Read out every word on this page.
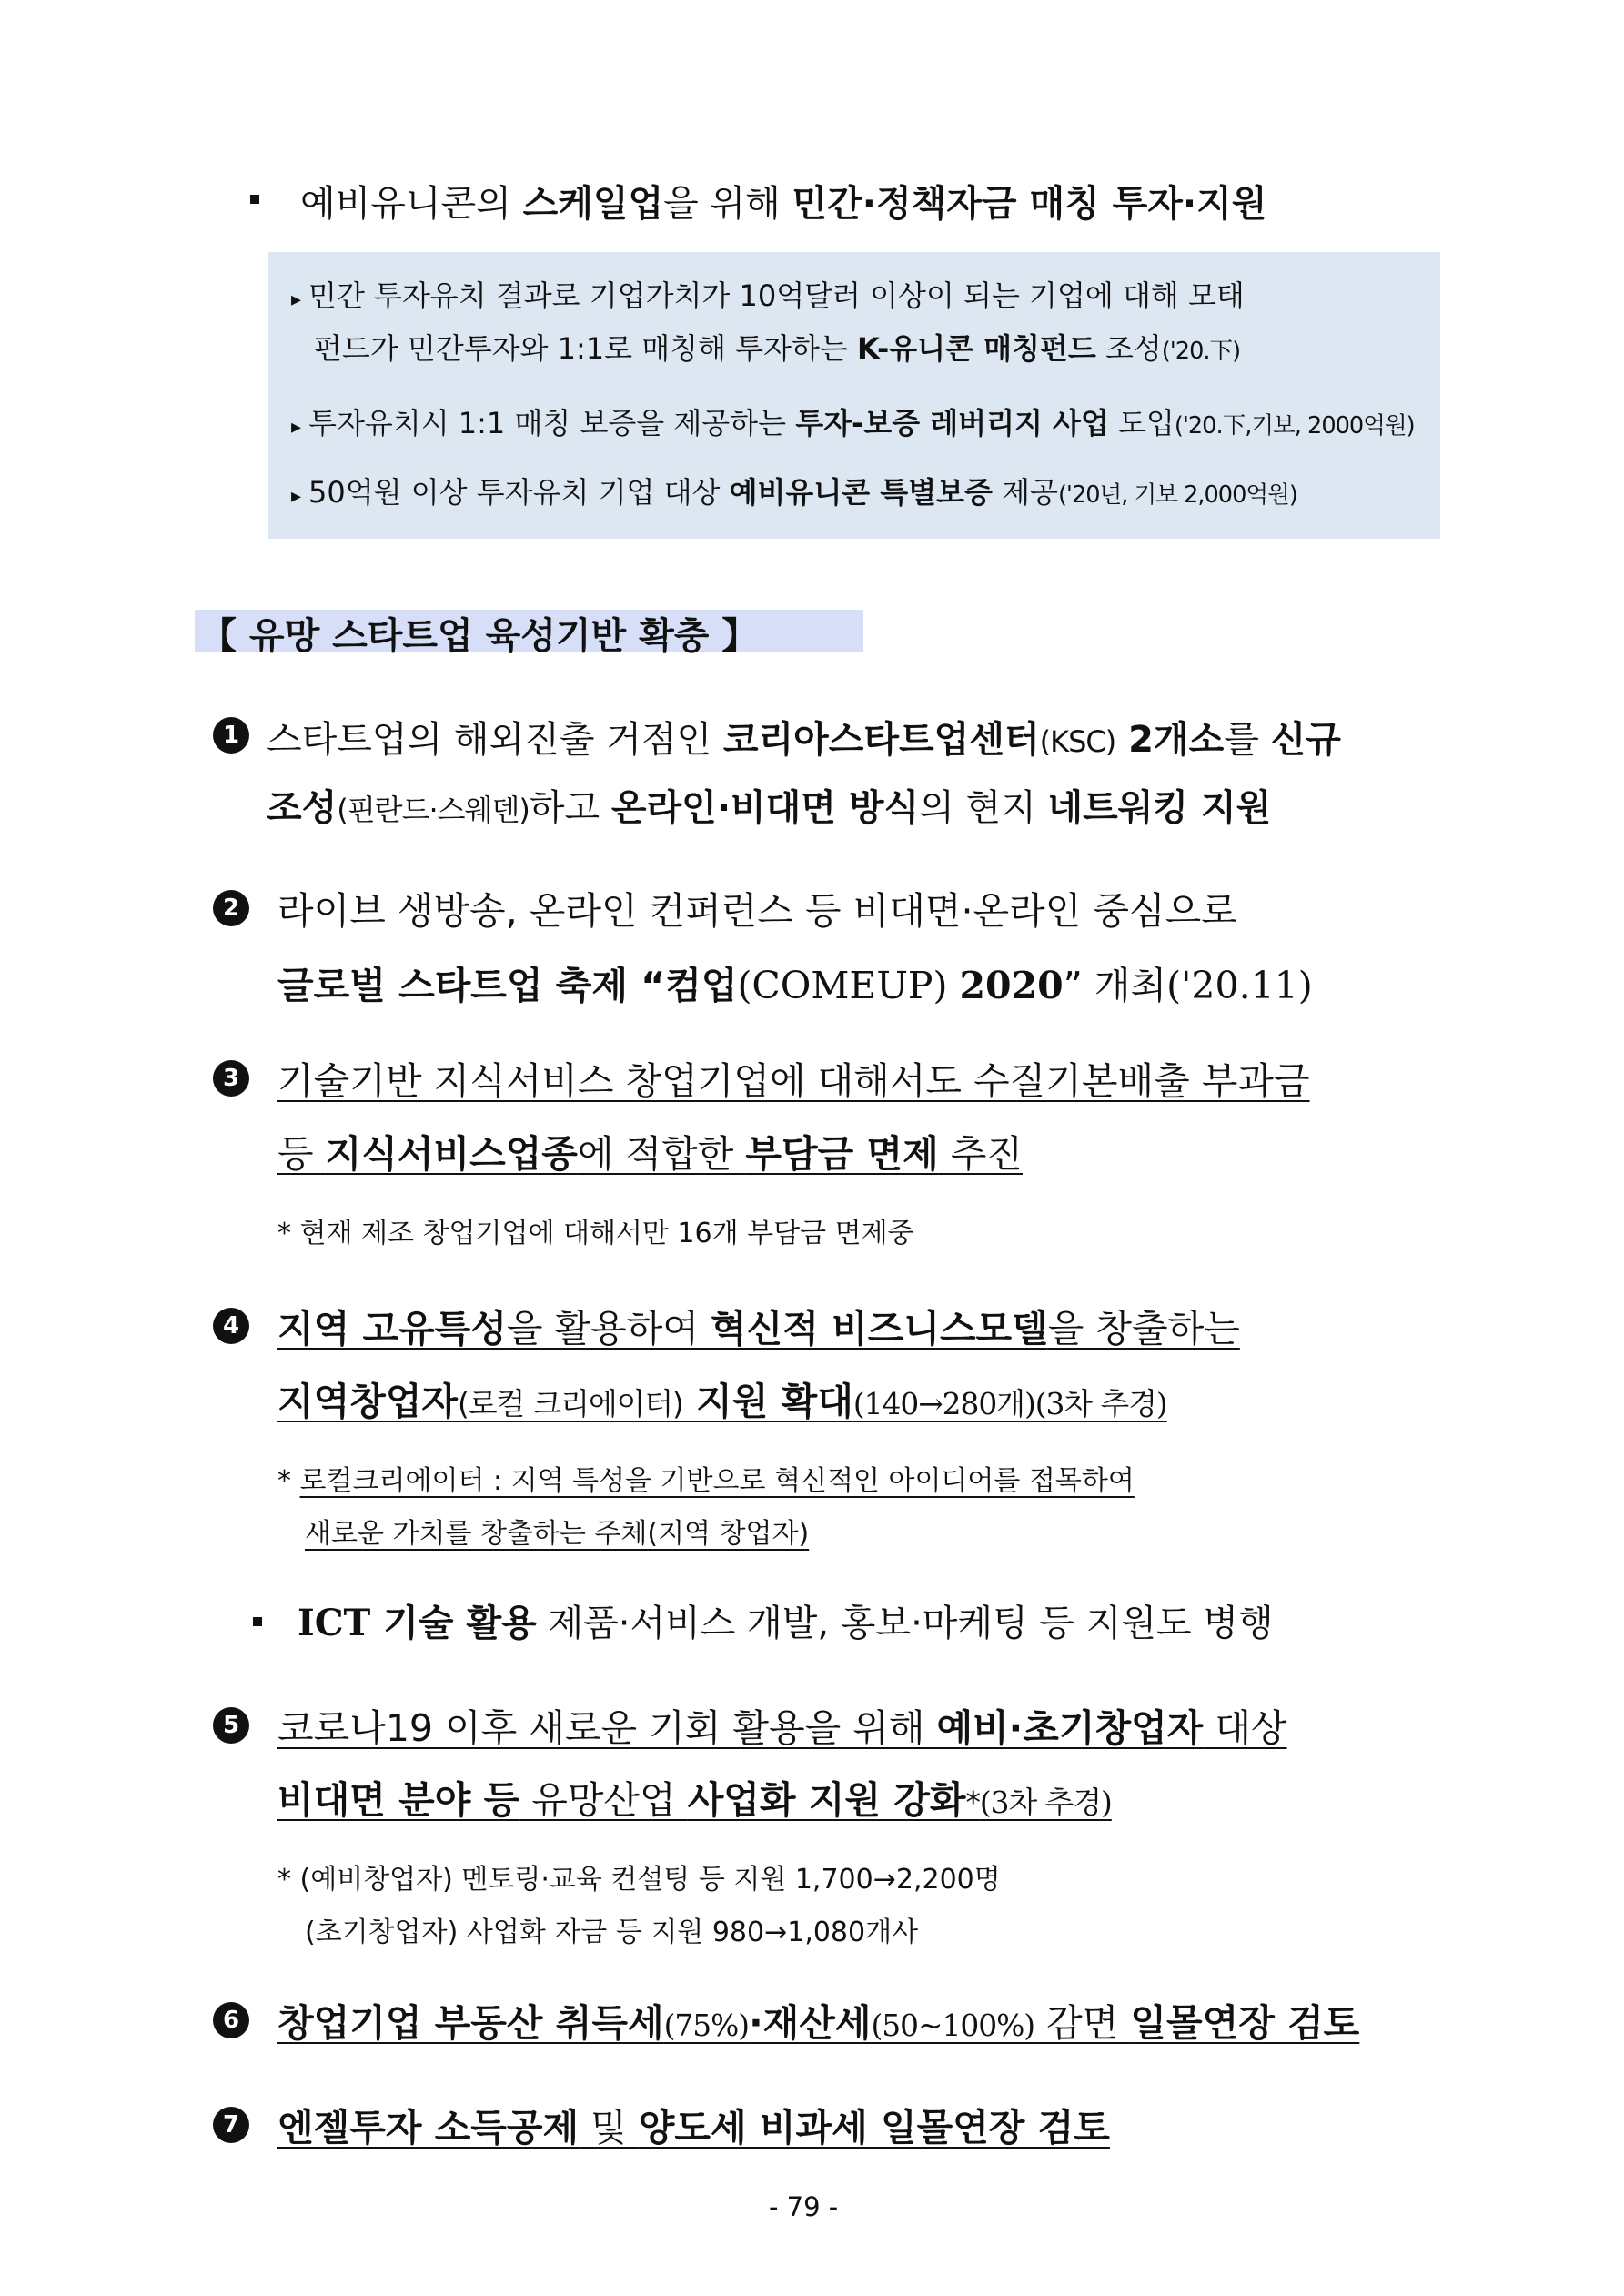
예비유니콘의 스케일업을 위해 민간·정책자금 매칭 투자·지원
▸ 민간 투자유치 결과로 기업가치가 10억달러 이상이 되는 기업에 대해 모태
펀드가 민간투자와 1:1로 매칭해 투자하는 K-유니콘 매칭펀드 조성('20.下)
▸ 투자유치시 1:1 매칭 보증을 제공하는 투자-보증 레버리지 사업 도입('20.下,기보, 2000억원)
▸ 50억원 이상 투자유치 기업 대상 예비유니콘 특별보증 제공('20년, 기보 2,000억원)
【 유망 스타트업 육성기반 확충 】
1 스타트업의 해외진출 거점인 코리아스타트업센터(KSC) 2개소를 신규
조성(핀란드·스웨덴)하고 온라인·비대면 방식의 현지 네트워킹 지원
2 라이브 생방송, 온라인 컨퍼런스 등 비대면·온라인 중심으로
글로벌 스타트업 축제 “컴업(COMEUP) 2020” 개최('20.11)
3 기술기반 지식서비스 창업기업에 대해서도 수질기본배출 부과금
등 지식서비스업종에 적합한 부담금 면제 추진
* 현재 제조 창업기업에 대해서만 16개 부담금 면제중
4 지역 고유특성을 활용하여 혁신적 비즈니스모델을 창출하는
지역창업자(로컬 크리에이터) 지원 확대(140→280개)(3차 추경)
* 로컬크리에이터 : 지역 특성을 기반으로 혁신적인 아이디어를 접목하여
새로운 가치를 창출하는 주체(지역 창업자)
ICT 기술 활용 제품·서비스 개발, 홍보·마케팅 등 지원도 병행
5 코로나19 이후 새로운 기회 활용을 위해 예비·초기창업자 대상
비대면 분야 등 유망산업 사업화 지원 강화*(3차 추경)
* (예비창업자) 멘토링·교육 컨설팅 등 지원 1,700→2,200명
(초기창업자) 사업화 자금 등 지원 980→1,080개사
6 창업기업 부동산 취득세(75%)·재산세(50~100%) 감면 일몰연장 검토
7 엔젤투자 소득공제 및 양도세 비과세 일몰연장 검토
- 79 -
